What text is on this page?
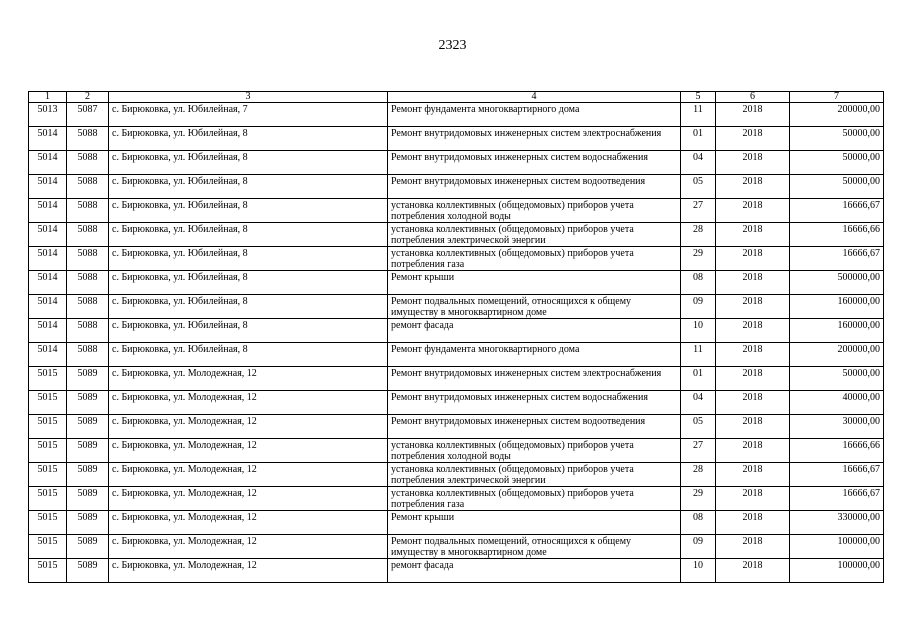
2323
1	2	3	4	5	6	7
5013	5087	с. Бирюковка, ул. Юбилейная, 7	Ремонт фундамента многоквартирного дома	11	2018	200000,00
5014	5088	с. Бирюковка, ул. Юбилейная, 8	Ремонт внутридомовых инженерных систем электроснабжения	01	2018	50000,00
5014	5088	с. Бирюковка, ул. Юбилейная, 8	Ремонт внутридомовых инженерных систем водоснабжения	04	2018	50000,00
5014	5088	с. Бирюковка, ул. Юбилейная, 8	Ремонт внутридомовых инженерных систем водоотведения	05	2018	50000,00
5014	5088	с. Бирюковка, ул. Юбилейная, 8	установка коллективных (общедомовых) приборов учета потребления холодной воды	27	2018	16666,67
5014	5088	с. Бирюковка, ул. Юбилейная, 8	установка коллективных (общедомовых) приборов учета потребления электрической энергии	28	2018	16666,66
5014	5088	с. Бирюковка, ул. Юбилейная, 8	установка коллективных (общедомовых) приборов учета потребления газа	29	2018	16666,67
5014	5088	с. Бирюковка, ул. Юбилейная, 8	Ремонт крыши	08	2018	500000,00
5014	5088	с. Бирюковка, ул. Юбилейная, 8	Ремонт подвальных помещений, относящихся к общему имуществу в многоквартирном доме	09	2018	160000,00
5014	5088	с. Бирюковка, ул. Юбилейная, 8	ремонт фасада	10	2018	160000,00
5014	5088	с. Бирюковка, ул. Юбилейная, 8	Ремонт фундамента многоквартирного дома	11	2018	200000,00
5015	5089	с. Бирюковка, ул. Молодежная, 12	Ремонт внутридомовых инженерных систем электроснабжения	01	2018	50000,00
5015	5089	с. Бирюковка, ул. Молодежная, 12	Ремонт внутридомовых инженерных систем водоснабжения	04	2018	40000,00
5015	5089	с. Бирюковка, ул. Молодежная, 12	Ремонт внутридомовых инженерных систем водоотведения	05	2018	30000,00
5015	5089	с. Бирюковка, ул. Молодежная, 12	установка коллективных (общедомовых) приборов учета потребления холодной воды	27	2018	16666,66
5015	5089	с. Бирюковка, ул. Молодежная, 12	установка коллективных (общедомовых) приборов учета потребления электрической энергии	28	2018	16666,67
5015	5089	с. Бирюковка, ул. Молодежная, 12	установка коллективных (общедомовых) приборов учета потребления газа	29	2018	16666,67
5015	5089	с. Бирюковка, ул. Молодежная, 12	Ремонт крыши	08	2018	330000,00
5015	5089	с. Бирюковка, ул. Молодежная, 12	Ремонт подвальных помещений, относящихся к общему имуществу в многоквартирном доме	09	2018	100000,00
5015	5089	с. Бирюковка, ул. Молодежная, 12	ремонт фасада	10	2018	100000,00
